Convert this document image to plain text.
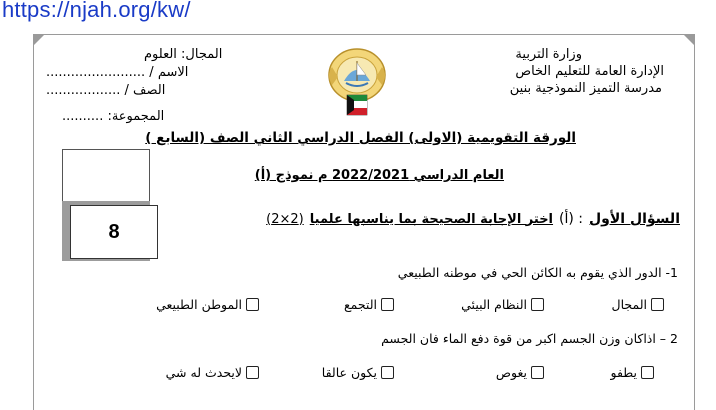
https://njah.org/kw/
وزارة التربية
الإدارة العامة للتعليم الخاص
مدرسة التميز النموذجية بنين
المجال: العلوم
الاسم / ........................
الصف / ..................
المجموعة: ..........
الورقة التقويمية (الاولى) الفصل الدراسي الثاني الصف (السابع )
العام الدراسي 2022/2021 م نموذج (أ)
8
السؤال الأول
: (أ)
اختر الإجابة الصحيحة بما يناسبها علميا
(2×2)
1- الدور الذي يقوم به الكائن الحي في موطنه الطبيعي
المجال
النظام البيئي
التجمع
الموطن الطبيعي
2 – اذاكان وزن الجسم اكبر من قوة دفع الماء فان الجسم
يطفو
يغوص
يكون عالقا
لايحدث له شي
